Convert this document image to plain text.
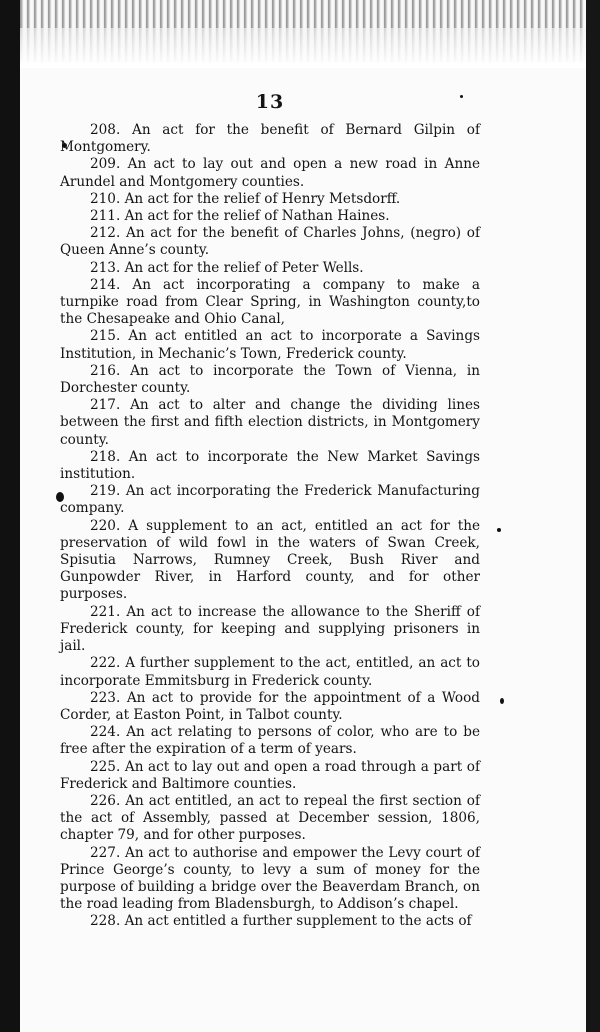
13

208. An act for the benefit of Bernard Gilpin of Montgomery.

209. An act to lay out and open a new road in Anne Arundel and Montgomery counties.

210. An act for the relief of Henry Metsdorff.

211. An act for the relief of Nathan Haines.

212. An act for the benefit of Charles Johns, (negro) of Queen Anne’s county.

213. An act for the relief of Peter Wells.

214. An act incorporating a company to make a turnpike road from Clear Spring, in Washington county,to the Chesapeake and Ohio Canal,

215. An act entitled an act to incorporate a Savings Institution, in Mechanic’s Town, Frederick county.

216. An act to incorporate the Town of Vienna, in Dorchester county.

217. An act to alter and change the dividing lines between the first and fifth election districts, in Montgomery county.

218. An act to incorporate the New Market Savings institution.

219. An act incorporating the Frederick Manufacturing company.

220. A supplement to an act, entitled an act for the preservation of wild fowl in the waters of Swan Creek, Spisutia Narrows, Rumney Creek, Bush River and Gunpowder River, in Harford county, and for other purposes.

221. An act to increase the allowance to the Sheriff of Frederick county, for keeping and supplying prisoners in jail.

222. A further supplement to the act, entitled, an act to incorporate Emmitsburg in Frederick county.

223. An act to provide for the appointment of a Wood Corder, at Easton Point, in Talbot county.

224. An act relating to persons of color, who are to be free after the expiration of a term of years.

225. An act to lay out and open a road through a part of Frederick and Baltimore counties.

226. An act entitled, an act to repeal the first section of the act of Assembly, passed at December session, 1806, chapter 79, and for other purposes.

227. An act to authorise and empower the Levy court of Prince George’s county, to levy a sum of money for the purpose of building a bridge over the Beaverdam Branch, on the road leading from Bladensburgh, to Addison’s chapel.

228. An act entitled a further supplement to the acts of
